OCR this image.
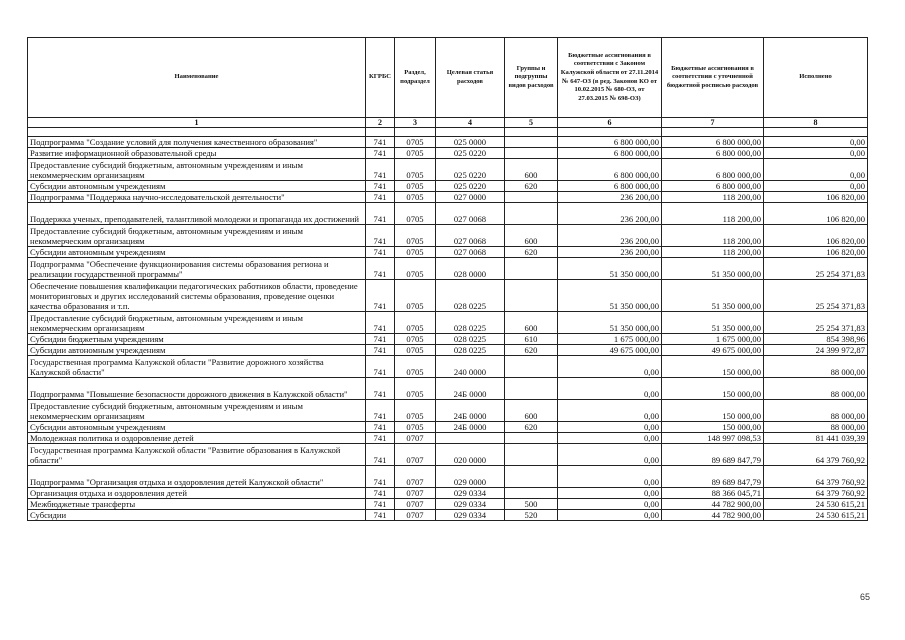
Наименование	КГРБС	Раздел, подраздел	Целевая статья расходов	Группы и подгруппы видов расходов	Бюджетные ассигнования в соответствии с Законом Калужской области от 27.11.2014 № 647-ОЗ (в ред. Законов КО от 10.02.2015 № 680-ОЗ, от 27.03.2015 № 698-ОЗ)	Бюджетные ассигнования в соответствии с уточненной бюджетной росписью расходов	Исполнено
1	2	3	4	5	6	7	8

Подпрограмма "Создание условий для получения качественного образования"	741	0705	025 0000		6 800 000,00	6 800 000,00	0,00
Развитие информационной образовательной среды	741	0705	025 0220		6 800 000,00	6 800 000,00	0,00
Предоставление субсидий бюджетным, автономным учреждениям и иным некоммерческим организациям	741	0705	025 0220	600	6 800 000,00	6 800 000,00	0,00
Субсидии автономным учреждениям	741	0705	025 0220	620	6 800 000,00	6 800 000,00	0,00
Подпрограмма "Поддержка научно-исследовательской деятельности"	741	0705	027 0000		236 200,00	118 200,00	106 820,00
Поддержка ученых, преподавателей, талантливой молодежи и пропаганда их достижений	741	0705	027 0068		236 200,00	118 200,00	106 820,00
Предоставление субсидий бюджетным, автономным учреждениям и иным некоммерческим организациям	741	0705	027 0068	600	236 200,00	118 200,00	106 820,00
Субсидии автономным учреждениям	741	0705	027 0068	620	236 200,00	118 200,00	106 820,00
Подпрограмма "Обеспечение функционирования системы образования региона и реализации государственной программы"	741	0705	028 0000		51 350 000,00	51 350 000,00	25 254 371,83
Обеспечение повышения квалификации педагогических работников области, проведение мониторинговых и других исследований системы образования, проведение оценки качества образования и т.п.	741	0705	028 0225		51 350 000,00	51 350 000,00	25 254 371,83
Предоставление субсидий бюджетным, автономным учреждениям и иным некоммерческим организациям	741	0705	028 0225	600	51 350 000,00	51 350 000,00	25 254 371,83
Субсидии бюджетным учреждениям	741	0705	028 0225	610	1 675 000,00	1 675 000,00	854 398,96
Субсидии автономным учреждениям	741	0705	028 0225	620	49 675 000,00	49 675 000,00	24 399 972,87
Государственная программа Калужской области "Развитие дорожного хозяйства Калужской области"	741	0705	240 0000		0,00	150 000,00	88 000,00
Подпрограмма "Повышение безопасности дорожного движения в Калужской области"	741	0705	24Б 0000		0,00	150 000,00	88 000,00
Предоставление субсидий бюджетным, автономным учреждениям и иным некоммерческим организациям	741	0705	24Б 0000	600	0,00	150 000,00	88 000,00
Субсидии автономным учреждениям	741	0705	24Б 0000	620	0,00	150 000,00	88 000,00
Молодежная политика и оздоровление детей	741	0707			0,00	148 997 098,53	81 441 039,39
Государственная программа Калужской области "Развитие образования в Калужской области"	741	0707	020 0000		0,00	89 689 847,79	64 379 760,92
Подпрограмма "Организация отдыха и оздоровления детей Калужской области"	741	0707	029 0000		0,00	89 689 847,79	64 379 760,92
Организация отдыха и оздоровления детей	741	0707	029 0334		0,00	88 366 045,71	64 379 760,92
Межбюджетные трансферты	741	0707	029 0334	500	0,00	44 782 900,00	24 530 615,21
Субсидии	741	0707	029 0334	520	0,00	44 782 900,00	24 530 615,21
65
